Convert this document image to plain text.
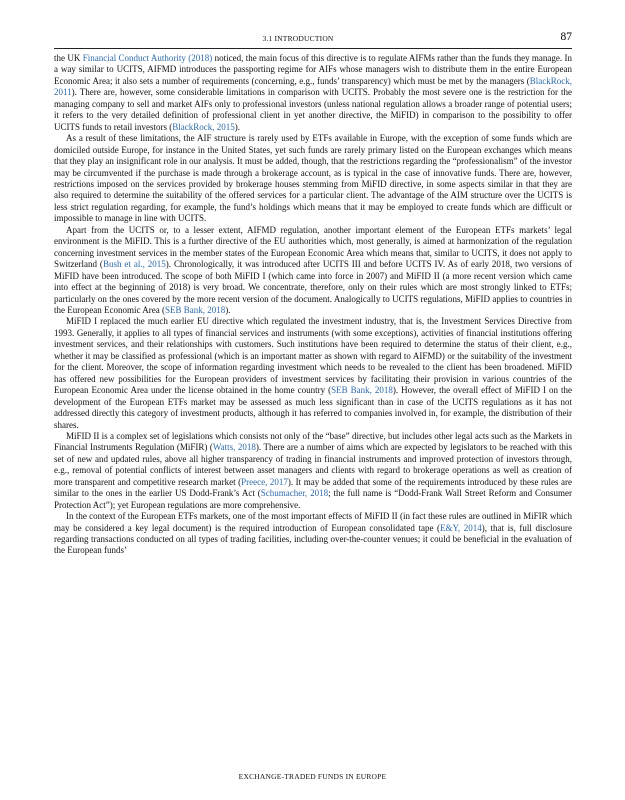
3.1 INTRODUCTION	87

the UK Financial Conduct Authority (2018) noticed, the main focus of this directive is to regulate AIFMs rather than the funds they manage. In a way similar to UCITS, AIFMD introduces the passporting regime for AIFs whose managers wish to distribute them in the entire European Economic Area; it also sets a number of requirements (concerning, e.g., funds’ transparency) which must be met by the managers (BlackRock, 2011). There are, however, some considerable limitations in comparison with UCITS. Probably the most severe one is the restriction for the managing company to sell and market AIFs only to professional investors (unless national regulation allows a broader range of potential users; it refers to the very detailed definition of professional client in yet another directive, the MiFID) in comparison to the possibility to offer UCITS funds to retail investors (BlackRock, 2015).

As a result of these limitations, the AIF structure is rarely used by ETFs available in Europe, with the exception of some funds which are domiciled outside Europe, for instance in the United States, yet such funds are rarely primary listed on the European exchanges which means that they play an insignificant role in our analysis. It must be added, though, that the restrictions regarding the “professionalism” of the investor may be circumvented if the purchase is made through a brokerage account, as is typical in the case of innovative funds. There are, however, restrictions imposed on the services provided by brokerage houses stemming from MiFID directive, in some aspects similar in that they are also required to determine the suitability of the offered services for a particular client. The advantage of the AIM structure over the UCITS is less strict regulation regarding, for example, the fund’s holdings which means that it may be employed to create funds which are difficult or impossible to manage in line with UCITS.

Apart from the UCITS or, to a lesser extent, AIFMD regulation, another important element of the European ETFs markets’ legal environment is the MiFID. This is a further directive of the EU authorities which, most generally, is aimed at harmonization of the regulation concerning investment services in the member states of the European Economic Area which means that, similar to UCITS, it does not apply to Switzerland (Bush et al., 2015). Chronologically, it was introduced after UCITS III and before UCITS IV. As of early 2018, two versions of MiFID have been introduced. The scope of both MiFID I (which came into force in 2007) and MiFID II (a more recent version which came into effect at the beginning of 2018) is very broad. We concentrate, therefore, only on their rules which are most strongly linked to ETFs; particularly on the ones covered by the more recent version of the document. Analogically to UCITS regulations, MiFID applies to countries in the European Economic Area (SEB Bank, 2018).

MiFID I replaced the much earlier EU directive which regulated the investment industry, that is, the Investment Services Directive from 1993. Generally, it applies to all types of financial services and instruments (with some exceptions), activities of financial institutions offering investment services, and their relationships with customers. Such institutions have been required to determine the status of their client, e.g., whether it may be classified as professional (which is an important matter as shown with regard to AIFMD) or the suitability of the investment for the client. Moreover, the scope of information regarding investment which needs to be revealed to the client has been broadened. MiFID has offered new possibilities for the European providers of investment services by facilitating their provision in various countries of the European Economic Area under the license obtained in the home country (SEB Bank, 2018). However, the overall effect of MiFID I on the development of the European ETFs market may be assessed as much less significant than in case of the UCITS regulations as it has not addressed directly this category of investment products, although it has referred to companies involved in, for example, the distribution of their shares.

MiFID II is a complex set of legislations which consists not only of the “base” directive, but includes other legal acts such as the Markets in Financial Instruments Regulation (MiFIR) (Watts, 2018). There are a number of aims which are expected by legislators to be reached with this set of new and updated rules, above all higher transparency of trading in financial instruments and improved protection of investors through, e.g., removal of potential conflicts of interest between asset managers and clients with regard to brokerage operations as well as creation of more transparent and competitive research market (Preece, 2017). It may be added that some of the requirements introduced by these rules are similar to the ones in the earlier US Dodd-Frank’s Act (Schumacher, 2018; the full name is “Dodd-Frank Wall Street Reform and Consumer Protection Act”); yet European regulations are more comprehensive.

In the context of the European ETFs markets, one of the most important effects of MiFID II (in fact these rules are outlined in MiFIR which may be considered a key legal document) is the required introduction of European consolidated tape (E&Y, 2014), that is, full disclosure regarding transactions conducted on all types of trading facilities, including over-the-counter venues; it could be beneficial in the evaluation of the European funds’

EXCHANGE-TRADED FUNDS IN EUROPE
